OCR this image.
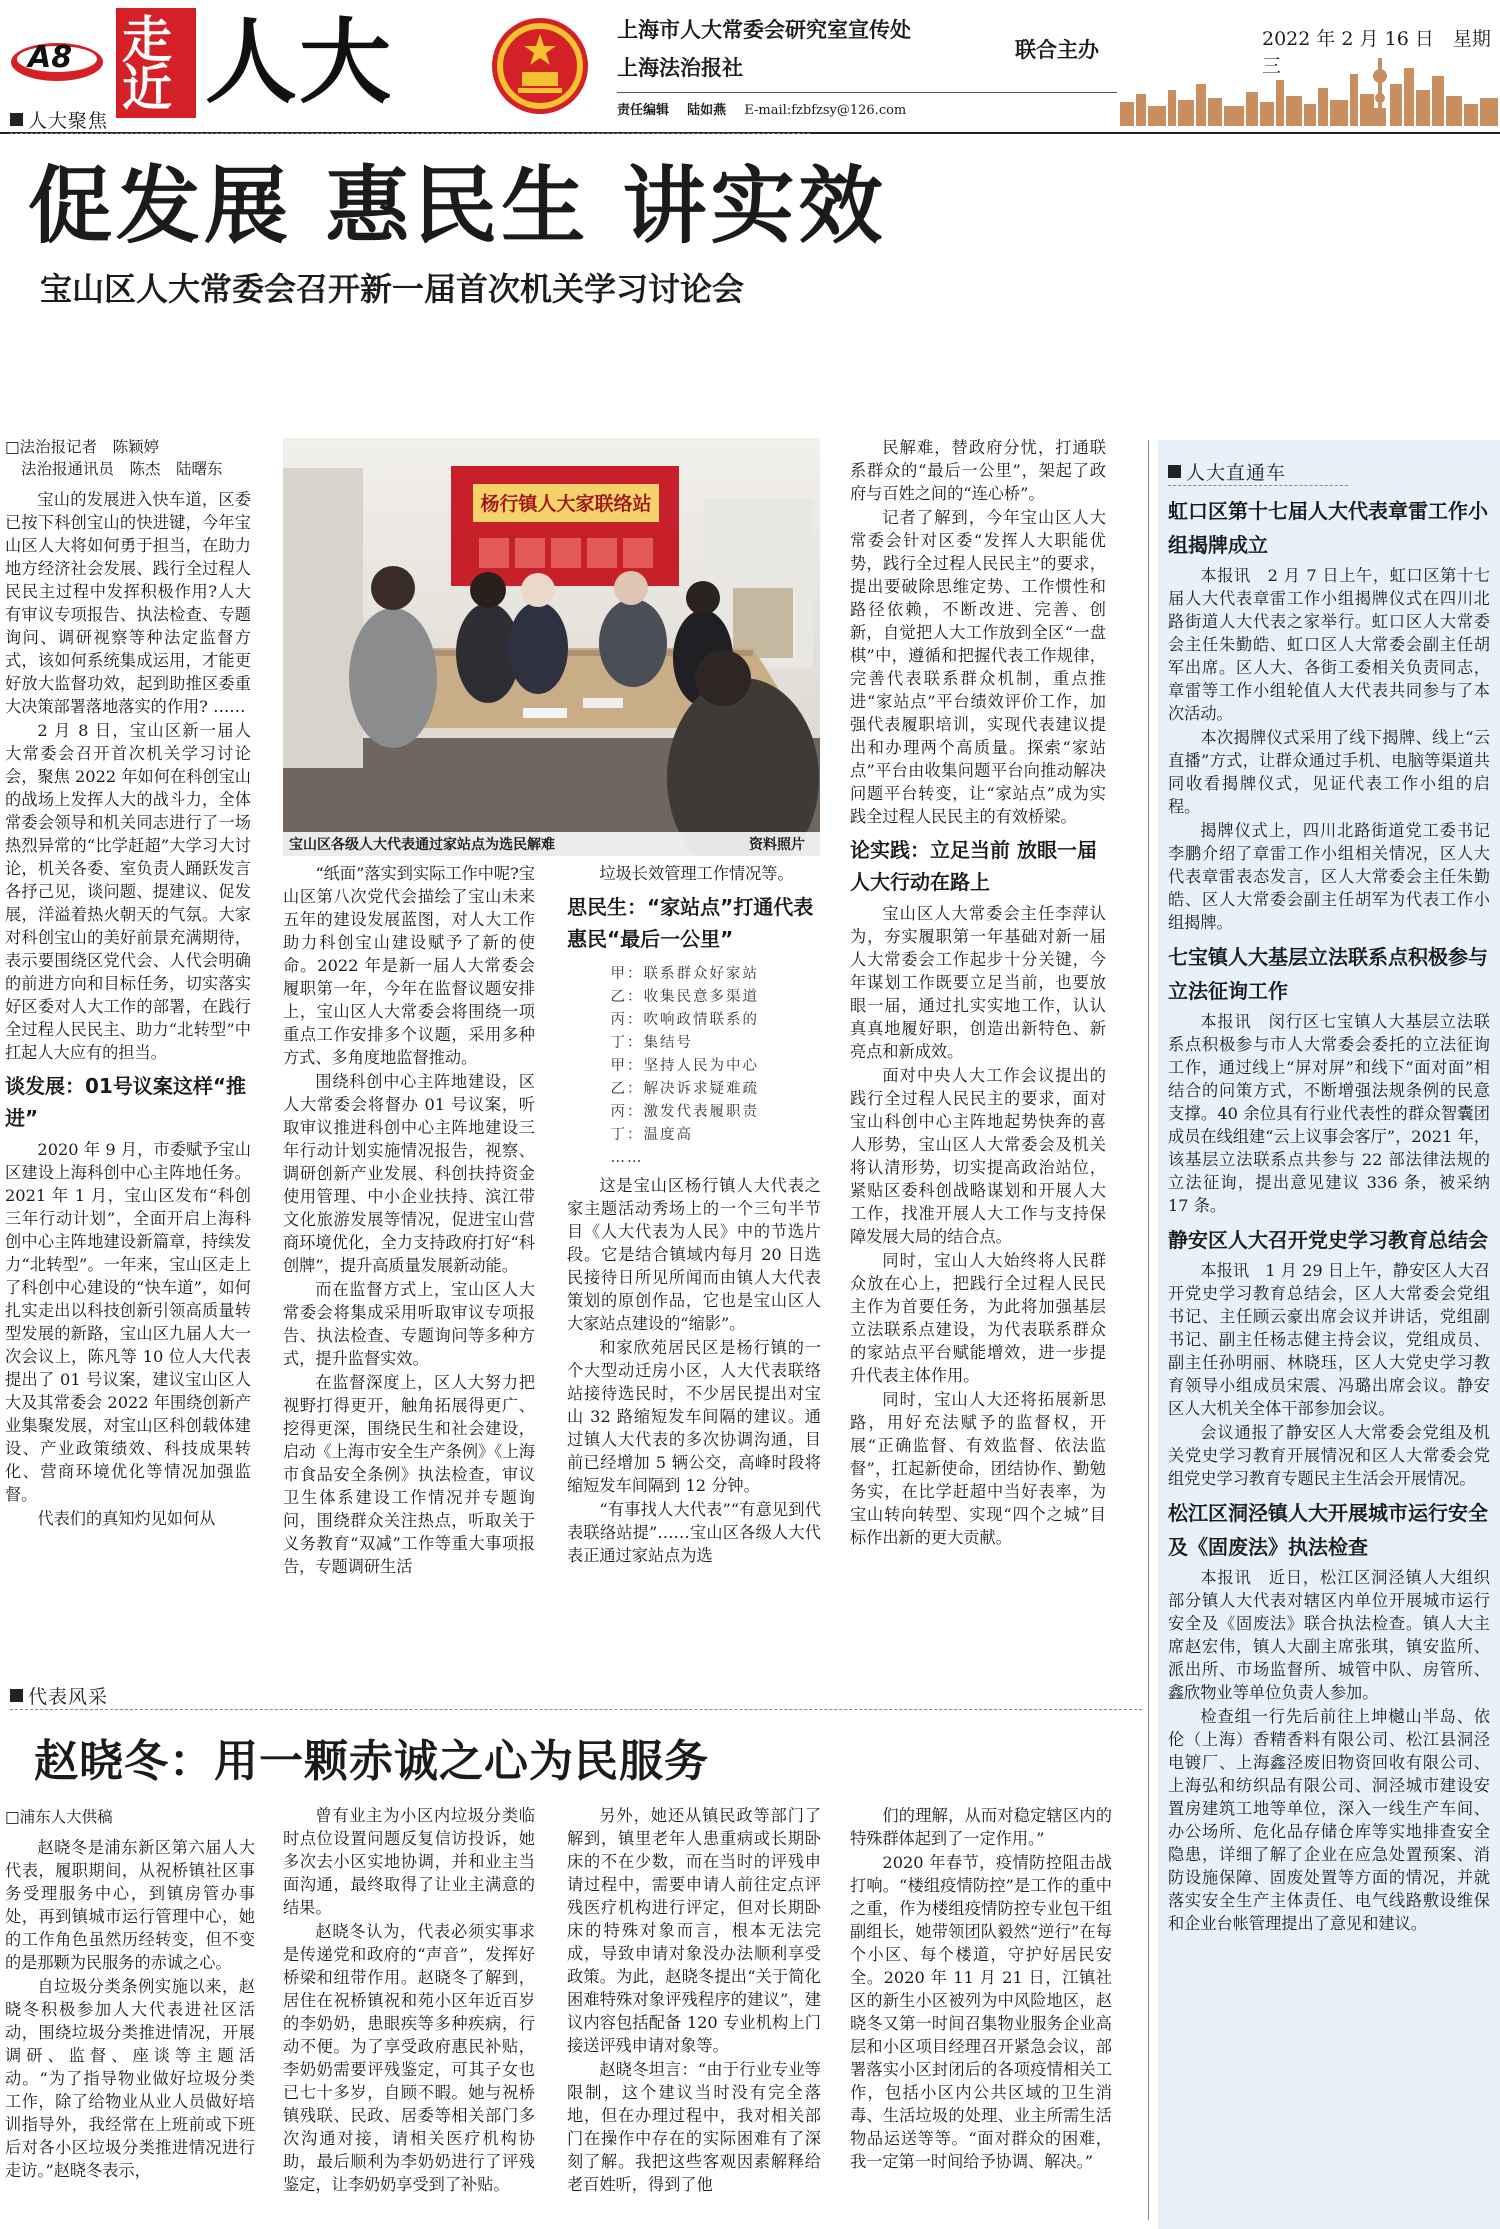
A8 走
近 人大	上海市人大常委会研究室宣传处
上海法治报社
联合主办
责任编辑 陆如燕 E-mail:fzbfzsy@126.com
2022 年 2 月 16 日　星期三
人大聚焦
促发展 惠民生 讲实效
宝山区人大常委会召开新一届首次机关学习讨论会
□法治报记者　陈颖婷
法治报通讯员　陈杰　陆曙东

宝山的发展进入快车道，区委已按下科创宝山的快进键，今年宝山区人大将如何勇于担当，在助力地方经济社会发展、践行全过程人民民主过程中发挥积极作用?人大有审议专项报告、执法检查、专题询问、调研视察等种法定监督方式，该如何系统集成运用，才能更好放大监督功效，起到助推区委重大决策部署落地落实的作用? ……

2 月 8 日，宝山区新一届人大常委会召开首次机关学习讨论会，聚焦 2022 年如何在科创宝山的战场上发挥人大的战斗力，全体常委会领导和机关同志进行了一场热烈异常的“比学赶超”大学习大讨论，机关各委、室负责人踊跃发言各抒己见，谈问题、提建议、促发展，洋溢着热火朝天的气氛。大家对科创宝山的美好前景充满期待，表示要围绕区党代会、人代会明确的前进方向和目标任务，切实落实好区委对人大工作的部署，在践行全过程人民民主、助力“北转型”中扛起人大应有的担当。

谈发展：01号议案这样“推进”

2020 年 9 月，市委赋予宝山区建设上海科创中心主阵地任务。2021 年 1 月，宝山区发布“科创三年行动计划”，全面开启上海科创中心主阵地建设新篇章，持续发力“北转型”。一年来，宝山区走上了科创中心建设的“快车道”，如何扎实走出以科技创新引领高质量转型发展的新路，宝山区九届人大一次会议上，陈凡等 10 位人大代表提出了 01 号议案，建议宝山区人大及其常委会 2022 年围绕创新产业集聚发展，对宝山区科创载体建设、产业政策绩效、科技成果转化、营商环境优化等情况加强监督。

代表们的真知灼见如何从

杨行镇人大家联络站
宝山区各级人大代表通过家站点为选民解难	资料照片

“纸面”落实到实际工作中呢?宝山区第八次党代会描绘了宝山未来五年的建设发展蓝图，对人大工作助力科创宝山建设赋予了新的使命。2022 年是新一届人大常委会履职第一年，今年在监督议题安排上，宝山区人大常委会将围绕一项重点工作安排多个议题，采用多种方式、多角度地监督推动。

围绕科创中心主阵地建设，区人大常委会将督办 01 号议案，听取审议推进科创中心主阵地建设三年行动计划实施情况报告，视察、调研创新产业发展、科创扶持资金使用管理、中小企业扶持、滨江带文化旅游发展等情况，促进宝山营商环境优化，全力支持政府打好“科创牌”，提升高质量发展新动能。

而在监督方式上，宝山区人大常委会将集成采用听取审议专项报告、执法检查、专题询问等多种方式，提升监督实效。

在监督深度上，区人大努力把视野打得更开，触角拓展得更广、挖得更深，围绕民生和社会建设，启动《上海市安全生产条例》《上海市食品安全条例》执法检查，审议卫生体系建设工作情况并专题询问，围绕群众关注热点，听取关于义务教育“双减”工作等重大事项报告，专题调研生活

垃圾长效管理工作情况等。

思民生：“家站点”打通代表惠民“最后一公里”
甲：联系群众好家站
乙：收集民意多渠道
丙：吹响政情联系的
丁：集结号
甲：坚持人民为中心
乙：解决诉求疑难疏
丙：激发代表履职责
丁：温度高
……

这是宝山区杨行镇人大代表之家主题活动秀场上的一个三句半节目《人大代表为人民》中的节选片段。它是结合镇域内每月 20 日选民接待日所见所闻而由镇人大代表策划的原创作品，它也是宝山区人大家站点建设的“缩影”。

和家欣苑居民区是杨行镇的一个大型动迁房小区，人大代表联络站接待选民时，不少居民提出对宝山 32 路缩短发车间隔的建议。通过镇人大代表的多次协调沟通，目前已经增加 5 辆公交，高峰时段将缩短发车间隔到 12 分钟。

“有事找人大代表”“有意见到代表联络站提”……宝山区各级人大代表正通过家站点为选

民解难，替政府分忧，打通联系群众的“最后一公里”，架起了政府与百姓之间的“连心桥”。

记者了解到，今年宝山区人大常委会针对区委“发挥人大职能优势，践行全过程人民民主”的要求，提出要破除思维定势、工作惯性和路径依赖，不断改进、完善、创新，自觉把人大工作放到全区“一盘棋”中，遵循和把握代表工作规律，完善代表联系群众机制，重点推进“家站点”平台绩效评价工作，加强代表履职培训，实现代表建议提出和办理两个高质量。探索“家站点”平台由收集问题平台向推动解决问题平台转变，让“家站点”成为实践全过程人民民主的有效桥梁。

论实践：立足当前 放眼一届 人大行动在路上

宝山区人大常委会主任李萍认为，夯实履职第一年基础对新一届人大常委会工作起步十分关键，今年谋划工作既要立足当前，也要放眼一届，通过扎实实地工作，认认真真地履好职，创造出新特色、新亮点和新成效。

面对中央人大工作会议提出的践行全过程人民民主的要求，面对宝山科创中心主阵地起势快奔的喜人形势，宝山区人大常委会及机关将认清形势，切实提高政治站位，紧贴区委科创战略谋划和开展人大工作，找准开展人大工作与支持保障发展大局的结合点。

同时，宝山人大始终将人民群众放在心上，把践行全过程人民民主作为首要任务，为此将加强基层立法联系点建设，为代表联系群众的家站点平台赋能增效，进一步提升代表主体作用。

同时，宝山人大还将拓展新思路，用好充法赋予的监督权，开展“正确监督、有效监督、依法监督”，扛起新使命，团结协作、勤勉务实，在比学赶超中当好表率，为宝山转向转型、实现“四个之城”目标作出新的更大贡献。

人大直通车
虹口区第十七届人大代表章雷工作小组揭牌成立

本报讯　2 月 7 日上午，虹口区第十七届人大代表章雷工作小组揭牌仪式在四川北路街道人大代表之家举行。虹口区人大常委会主任朱勤皓、虹口区人大常委会副主任胡军出席。区人大、各街工委相关负责同志，章雷等工作小组轮值人大代表共同参与了本次活动。

本次揭牌仪式采用了线下揭牌、线上“云直播”方式，让群众通过手机、电脑等渠道共同收看揭牌仪式，见证代表工作小组的启程。

揭牌仪式上，四川北路街道党工委书记李鹏介绍了章雷工作小组相关情况，区人大代表章雷表态发言，区人大常委会主任朱勤皓、区人大常委会副主任胡军为代表工作小组揭牌。

七宝镇人大基层立法联系点积极参与立法征询工作

本报讯　闵行区七宝镇人大基层立法联系点积极参与市人大常委会委托的立法征询工作，通过线上“屏对屏”和线下“面对面”相结合的问策方式，不断增强法规条例的民意支撑。40 余位具有行业代表性的群众智囊团成员在线组建“云上议事会客厅”，2021 年，该基层立法联系点共参与 22 部法律法规的立法征询，提出意见建议 336 条，被采纳 17 条。

静安区人大召开党史学习教育总结会

本报讯　1 月 29 日上午，静安区人大召开党史学习教育总结会，区人大常委会党组书记、主任顾云豪出席会议并讲话，党组副书记、副主任杨志健主持会议，党组成员、副主任孙明丽、林晓珏，区人大党史学习教育领导小组成员宋震、冯璐出席会议。静安区人大机关全体干部参加会议。

会议通报了静安区人大常委会党组及机关党史学习教育开展情况和区人大常委会党组党史学习教育专题民主生活会开展情况。

松江区洞泾镇人大开展城市运行安全及《固废法》执法检查

本报讯　近日，松江区洞泾镇人大组织部分镇人大代表对辖区内单位开展城市运行安全及《固废法》联合执法检查。镇人大主席赵宏伟，镇人大副主席张琪，镇安监所、派出所、市场监督所、城管中队、房管所、鑫欣物业等单位负责人参加。

检查组一行先后前往上坤樾山半岛、依伦（上海）香精香料有限公司、松江县洞泾电镀厂、上海鑫泾废旧物资回收有限公司、上海弘和纺织品有限公司、洞泾城市建设安置房建筑工地等单位，深入一线生产车间、办公场所、危化品存储仓库等实地排查安全隐患，详细了解了企业在应急处置预案、消防设施保障、固废处置等方面的情况，并就落实安全生产主体责任、电气线路敷设维保和企业台帐管理提出了意见和建议。

代表风采
赵晓冬：用一颗赤诚之心为民服务
□浦东人大供稿

赵晓冬是浦东新区第六届人大代表，履职期间，从祝桥镇社区事务受理服务中心，到镇房管办事处，再到镇城市运行管理中心，她的工作角色虽然历经转变，但不变的是那颗为民服务的赤诚之心。

自垃圾分类条例实施以来，赵晓冬积极参加人大代表进社区活动，围绕垃圾分类推进情况，开展调研、监督、座谈等主题活动。“为了指导物业做好垃圾分类工作，除了给物业从业人员做好培训指导外，我经常在上班前或下班后对各小区垃圾分类推进情况进行走访。”赵晓冬表示，

曾有业主为小区内垃圾分类临时点位设置问题反复信访投诉，她多次去小区实地协调，并和业主当面沟通，最终取得了让业主满意的结果。

赵晓冬认为，代表必须实事求是传递党和政府的“声音”，发挥好桥梁和纽带作用。赵晓冬了解到，居住在祝桥镇祝和苑小区年近百岁的李奶奶，患眼疾等多种疾病，行动不便。为了享受政府惠民补贴，李奶奶需要评残鉴定，可其子女也已七十多岁，自顾不暇。她与祝桥镇残联、民政、居委等相关部门多次沟通对接，请相关医疗机构协助，最后顺利为李奶奶进行了评残鉴定，让李奶奶享受到了补贴。

另外，她还从镇民政等部门了解到，镇里老年人患重病或长期卧床的不在少数，而在当时的评残申请过程中，需要申请人前往定点评残医疗机构进行评定，但对长期卧床的特殊对象而言，根本无法完成，导致申请对象没办法顺利享受政策。为此，赵晓冬提出“关于简化困难特殊对象评残程序的建议”，建议内容包括配备 120 专业机构上门接送评残申请对象等。

赵晓冬坦言：“由于行业专业等限制，这个建议当时没有完全落地，但在办理过程中，我对相关部门在操作中存在的实际困难有了深刻了解。我把这些客观因素解释给老百姓听，得到了他

们的理解，从而对稳定辖区内的特殊群体起到了一定作用。”

2020 年春节，疫情防控阻击战打响。“楼组疫情防控”是工作的重中之重，作为楼组疫情防控专业包干组副组长，她带领团队毅然“逆行”在每个小区、每个楼道，守护好居民安全。2020 年 11 月 21 日，江镇社区的新生小区被列为中风险地区，赵晓冬又第一时间召集物业服务企业高层和小区项目经理召开紧急会议，部署落实小区封闭后的各项疫情相关工作，包括小区内公共区域的卫生消毒、生活垃圾的处理、业主所需生活物品运送等等。“面对群众的困难，我一定第一时间给予协调、解决。”
